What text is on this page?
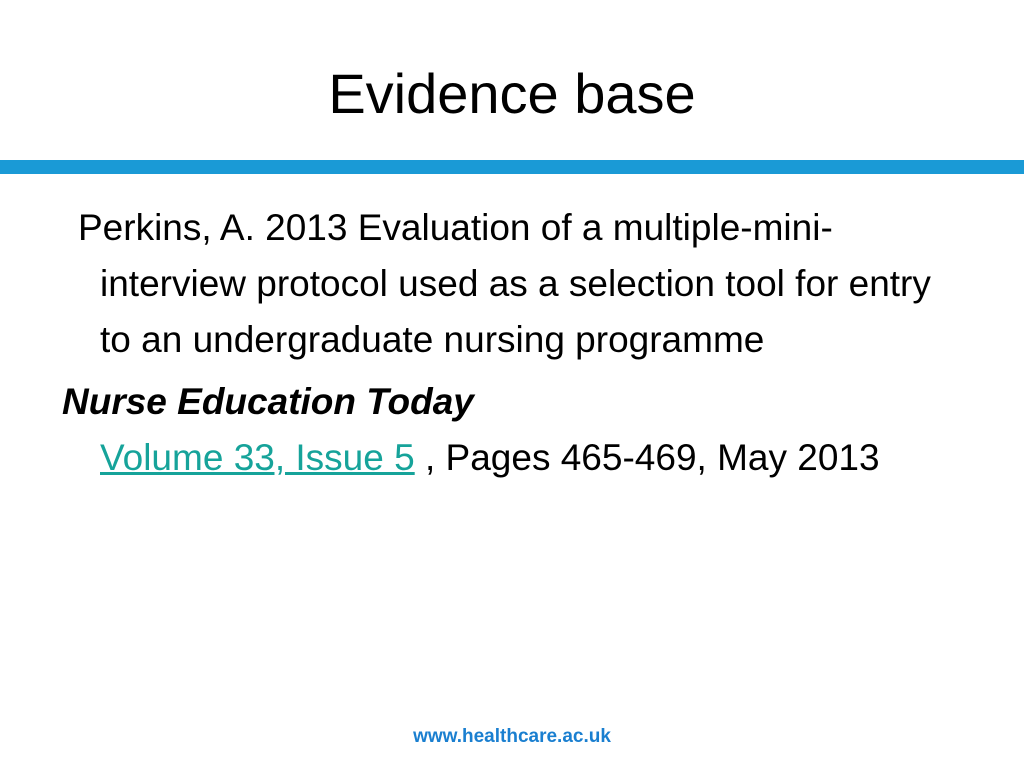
Evidence base

Perkins, A. 2013 Evaluation of a multiple-mini-interview protocol used as a selection tool for entry to an undergraduate nursing programme

Nurse Education Today
Volume 33, Issue 5 , Pages 465-469, May 2013

www.healthcare.ac.uk
